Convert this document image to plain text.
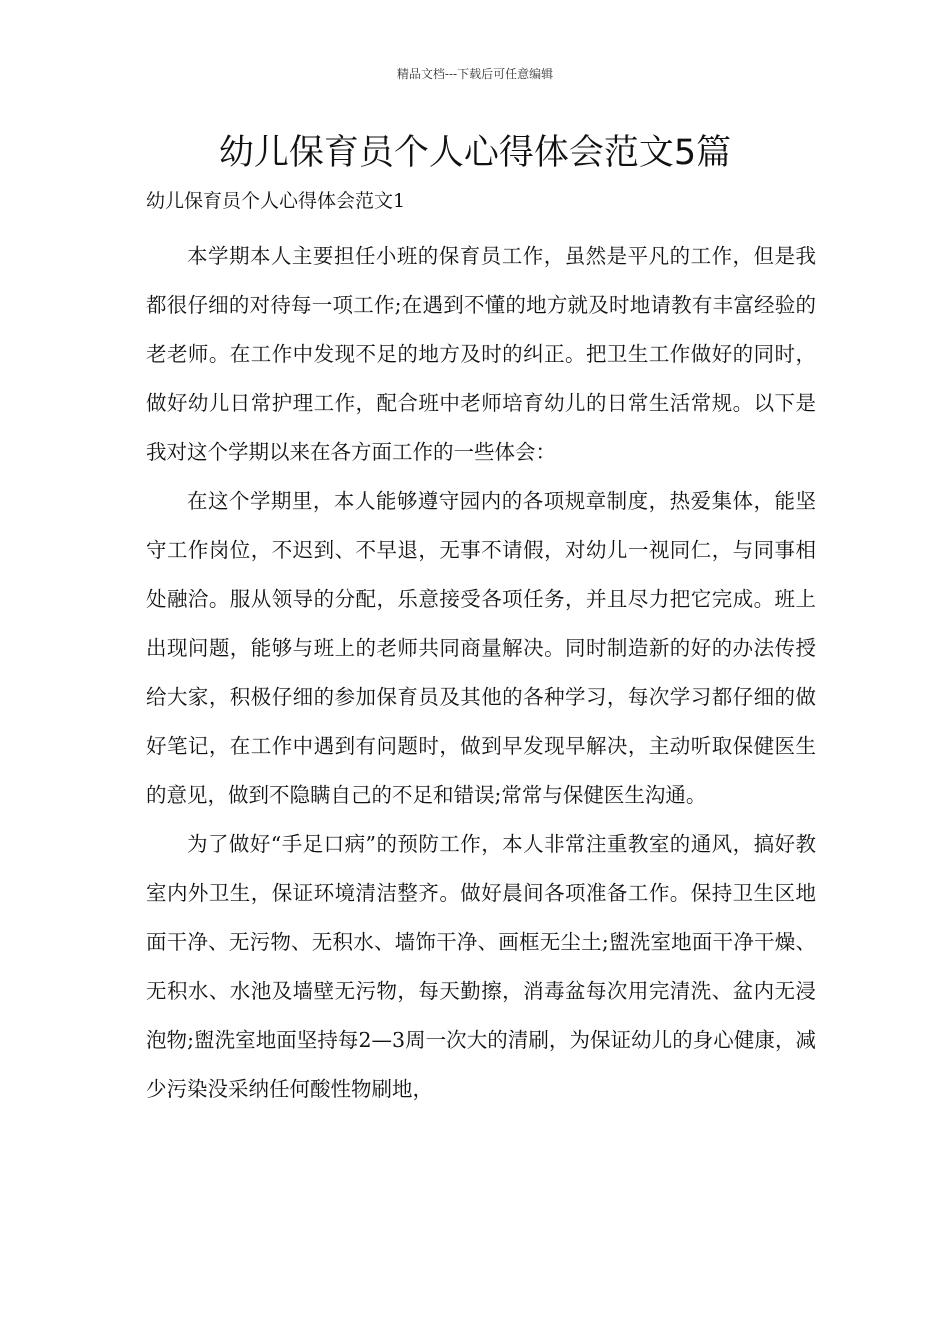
精品文档---下载后可任意编辑
幼儿保育员个人心得体会范文5篇
幼儿保育员个人心得体会范文1

本学期本人主要担任小班的保育员工作，虽然是平凡的工作，但是我都很仔细的对待每一项工作;在遇到不懂的地方就及时地请教有丰富经验的老老师。在工作中发现不足的地方及时的纠正。把卫生工作做好的同时，做好幼儿日常护理工作，配合班中老师培育幼儿的日常生活常规。以下是我对这个学期以来在各方面工作的一些体会：

在这个学期里，本人能够遵守园内的各项规章制度，热爱集体，能坚守工作岗位，不迟到、不早退，无事不请假，对幼儿一视同仁，与同事相处融洽。服从领导的分配，乐意接受各项任务，并且尽力把它完成。班上出现问题，能够与班上的老师共同商量解决。同时制造新的好的办法传授给大家，积极仔细的参加保育员及其他的各种学习，每次学习都仔细的做好笔记，在工作中遇到有问题时，做到早发现早解决，主动听取保健医生的意见，做到不隐瞒自己的不足和错误;常常与保健医生沟通。

为了做好“手足口病”的预防工作，本人非常注重教室的通风，搞好教室内外卫生，保证环境清洁整齐。做好晨间各项准备工作。保持卫生区地面干净、无污物、无积水、墙饰干净、画框无尘土;盥洗室地面干净干燥、无积水、水池及墙壁无污物，每天勤擦，消毒盆每次用完清洗、盆内无浸泡物;盥洗室地面坚持每2—3周一次大的清刷，为保证幼儿的身心健康，减少污染没采纳任何酸性物刷地，
